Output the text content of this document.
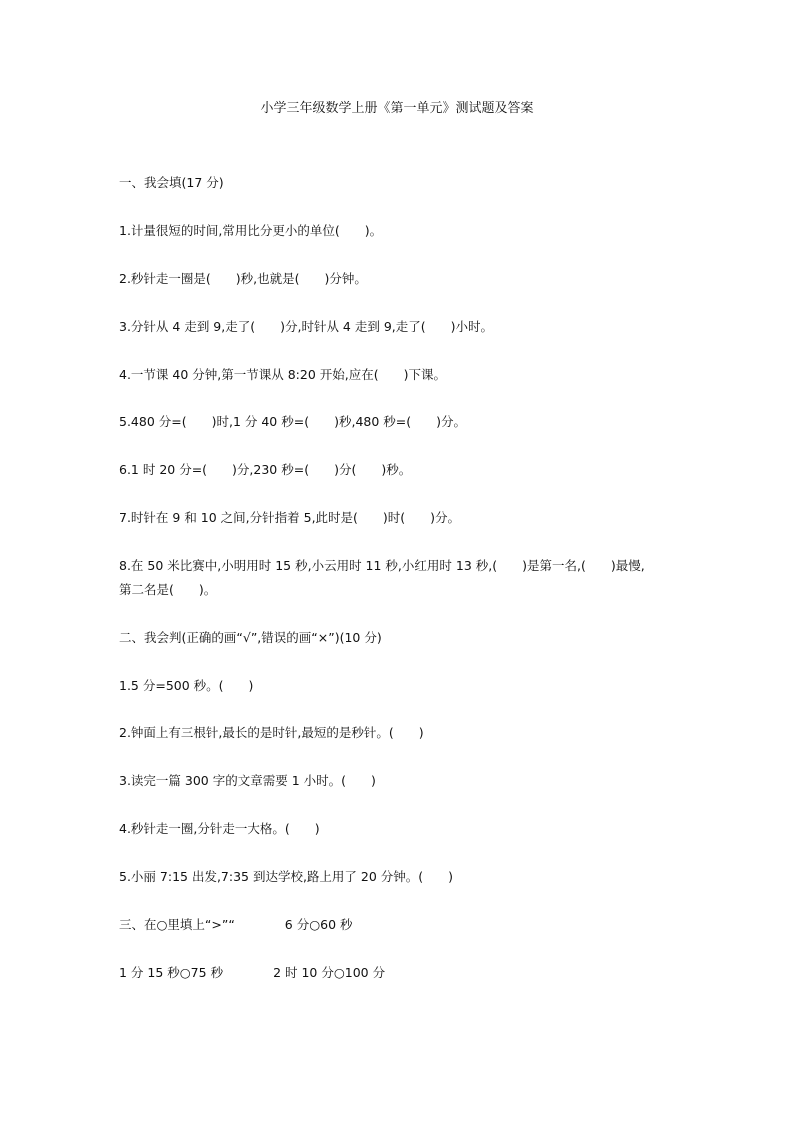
小学三年级数学上册《第一单元》测试题及答案
一、我会填(17 分)
1.计量很短的时间,常用比分更小的单位(　　)。
2.秒针走一圈是(　　)秒,也就是(　　)分钟。
3.分针从 4 走到 9,走了(　　)分,时针从 4 走到 9,走了(　　)小时。
4.一节课 40 分钟,第一节课从 8:20 开始,应在(　　)下课。
5.480 分=(　　)时,1 分 40 秒=(　　)秒,480 秒=(　　)分。
6.1 时 20 分=(　　)分,230 秒=(　　)分(　　)秒。
7.时针在 9 和 10 之间,分针指着 5,此时是(　　)时(　　)分。
8.在 50 米比赛中,小明用时 15 秒,小云用时 11 秒,小红用时 13 秒,(　　)是第一名,(　　)最慢,
第二名是(　　)。
二、我会判(正确的画“√”,错误的画“×”)(10 分)
1.5 分=500 秒。(　　)
2.钟面上有三根针,最长的是时针,最短的是秒针。(　　)
3.读完一篇 300 字的文章需要 1 小时。(　　)
4.秒针走一圈,分针走一大格。(　　)
5.小丽 7:15 出发,7:35 到达学校,路上用了 20 分钟。(　　)
三、在○里填上“>”“　　　　6 分○60 秒
1 分 15 秒○75 秒　　　　2 时 10 分○100 分
